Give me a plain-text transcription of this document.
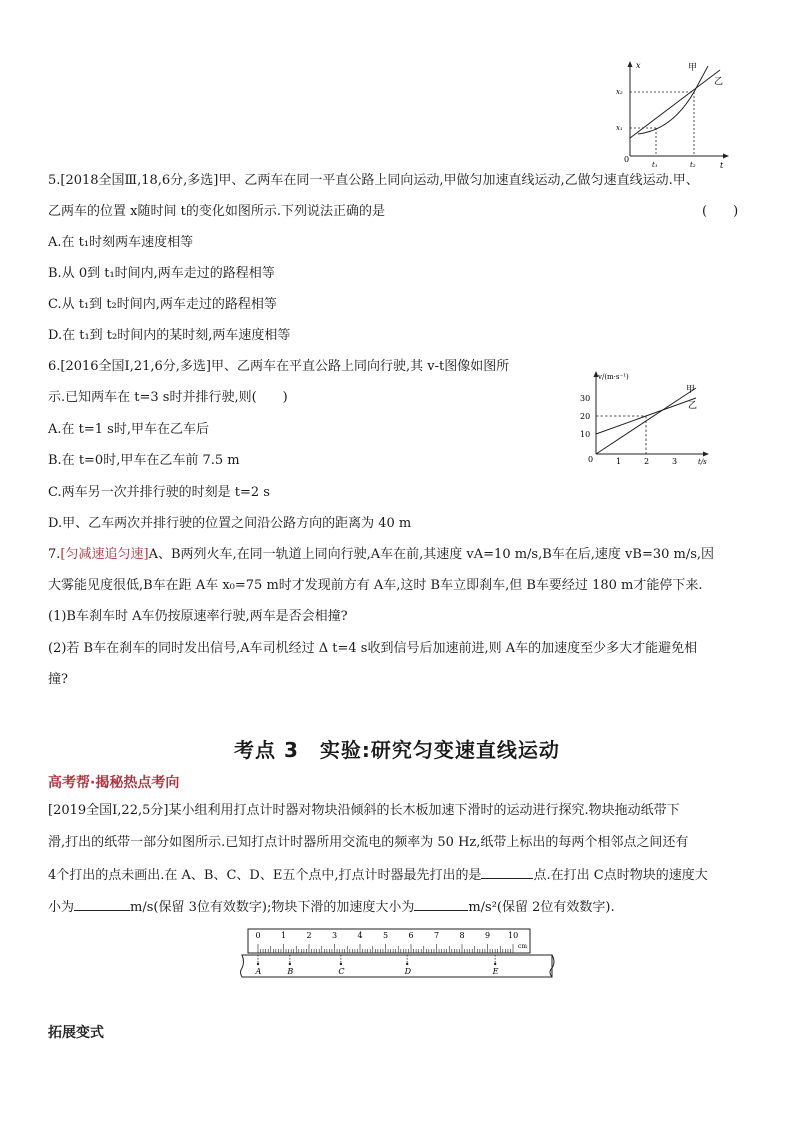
x
t
0
x₁
x₂
t₁	t₂
甲
乙
5.[2018全国Ⅲ,18,6分,多选]甲、乙两车在同一平直公路上同向运动,甲做匀加速直线运动,乙做匀速直线运动.甲、
乙两车的位置 x随时间 t的变化如图所示.下列说法正确的是	(　　)
A.在 t₁时刻两车速度相等
B.从 0到 t₁时间内,两车走过的路程相等
C.从 t₁到 t₂时间内,两车走过的路程相等
D.在 t₁到 t₂时间内的某时刻,两车速度相等
6.[2016全国Ⅰ,21,6分,多选]甲、乙两车在平直公路上同向行驶,其 v-t图像如图所
示.已知两车在 t=3 s时并排行驶,则(　　)
A.在 t=1 s时,甲车在乙车后
B.在 t=0时,甲车在乙车前 7.5 m
C.两车另一次并排行驶的时刻是 t=2 s
D.甲、乙车两次并排行驶的位置之间沿公路方向的距离为 40 m
v/(m·s⁻¹)
t/s
0
10
20
30
1	2	3
甲
乙
7.[匀减速追匀速]A、B两列火车,在同一轨道上同向行驶,A车在前,其速度 vA=10 m/s,B车在后,速度 vB=30 m/s,因
大雾能见度很低,B车在距 A车 x₀=75 m时才发现前方有 A车,这时 B车立即刹车,但 B车要经过 180 m才能停下来.
(1)B车刹车时 A车仍按原速率行驶,两车是否会相撞?
(2)若 B车在刹车的同时发出信号,A车司机经过 Δ t=4 s收到信号后加速前进,则 A车的加速度至少多大才能避免相
撞?
考点 3　实验:研究匀变速直线运动
高考帮·揭秘热点考向
[2019全国Ⅰ,22,5分]某小组利用打点计时器对物块沿倾斜的长木板加速下滑时的运动进行探究.物块拖动纸带下
滑,打出的纸带一部分如图所示.已知打点计时器所用交流电的频率为 50 Hz,纸带上标出的每两个相邻点之间还有
4个打出的点未画出.在 A、B、C、D、E五个点中,打点计时器最先打出的是	点.在打出 C点时物块的速度大
小为	m/s(保留 3位有效数字);物块下滑的加速度大小为	m/s²(保留 2位有效数字).
0	1	2	3	4	5	6	7	8	9 10
cm
A	B	C	D	E
拓展变式
